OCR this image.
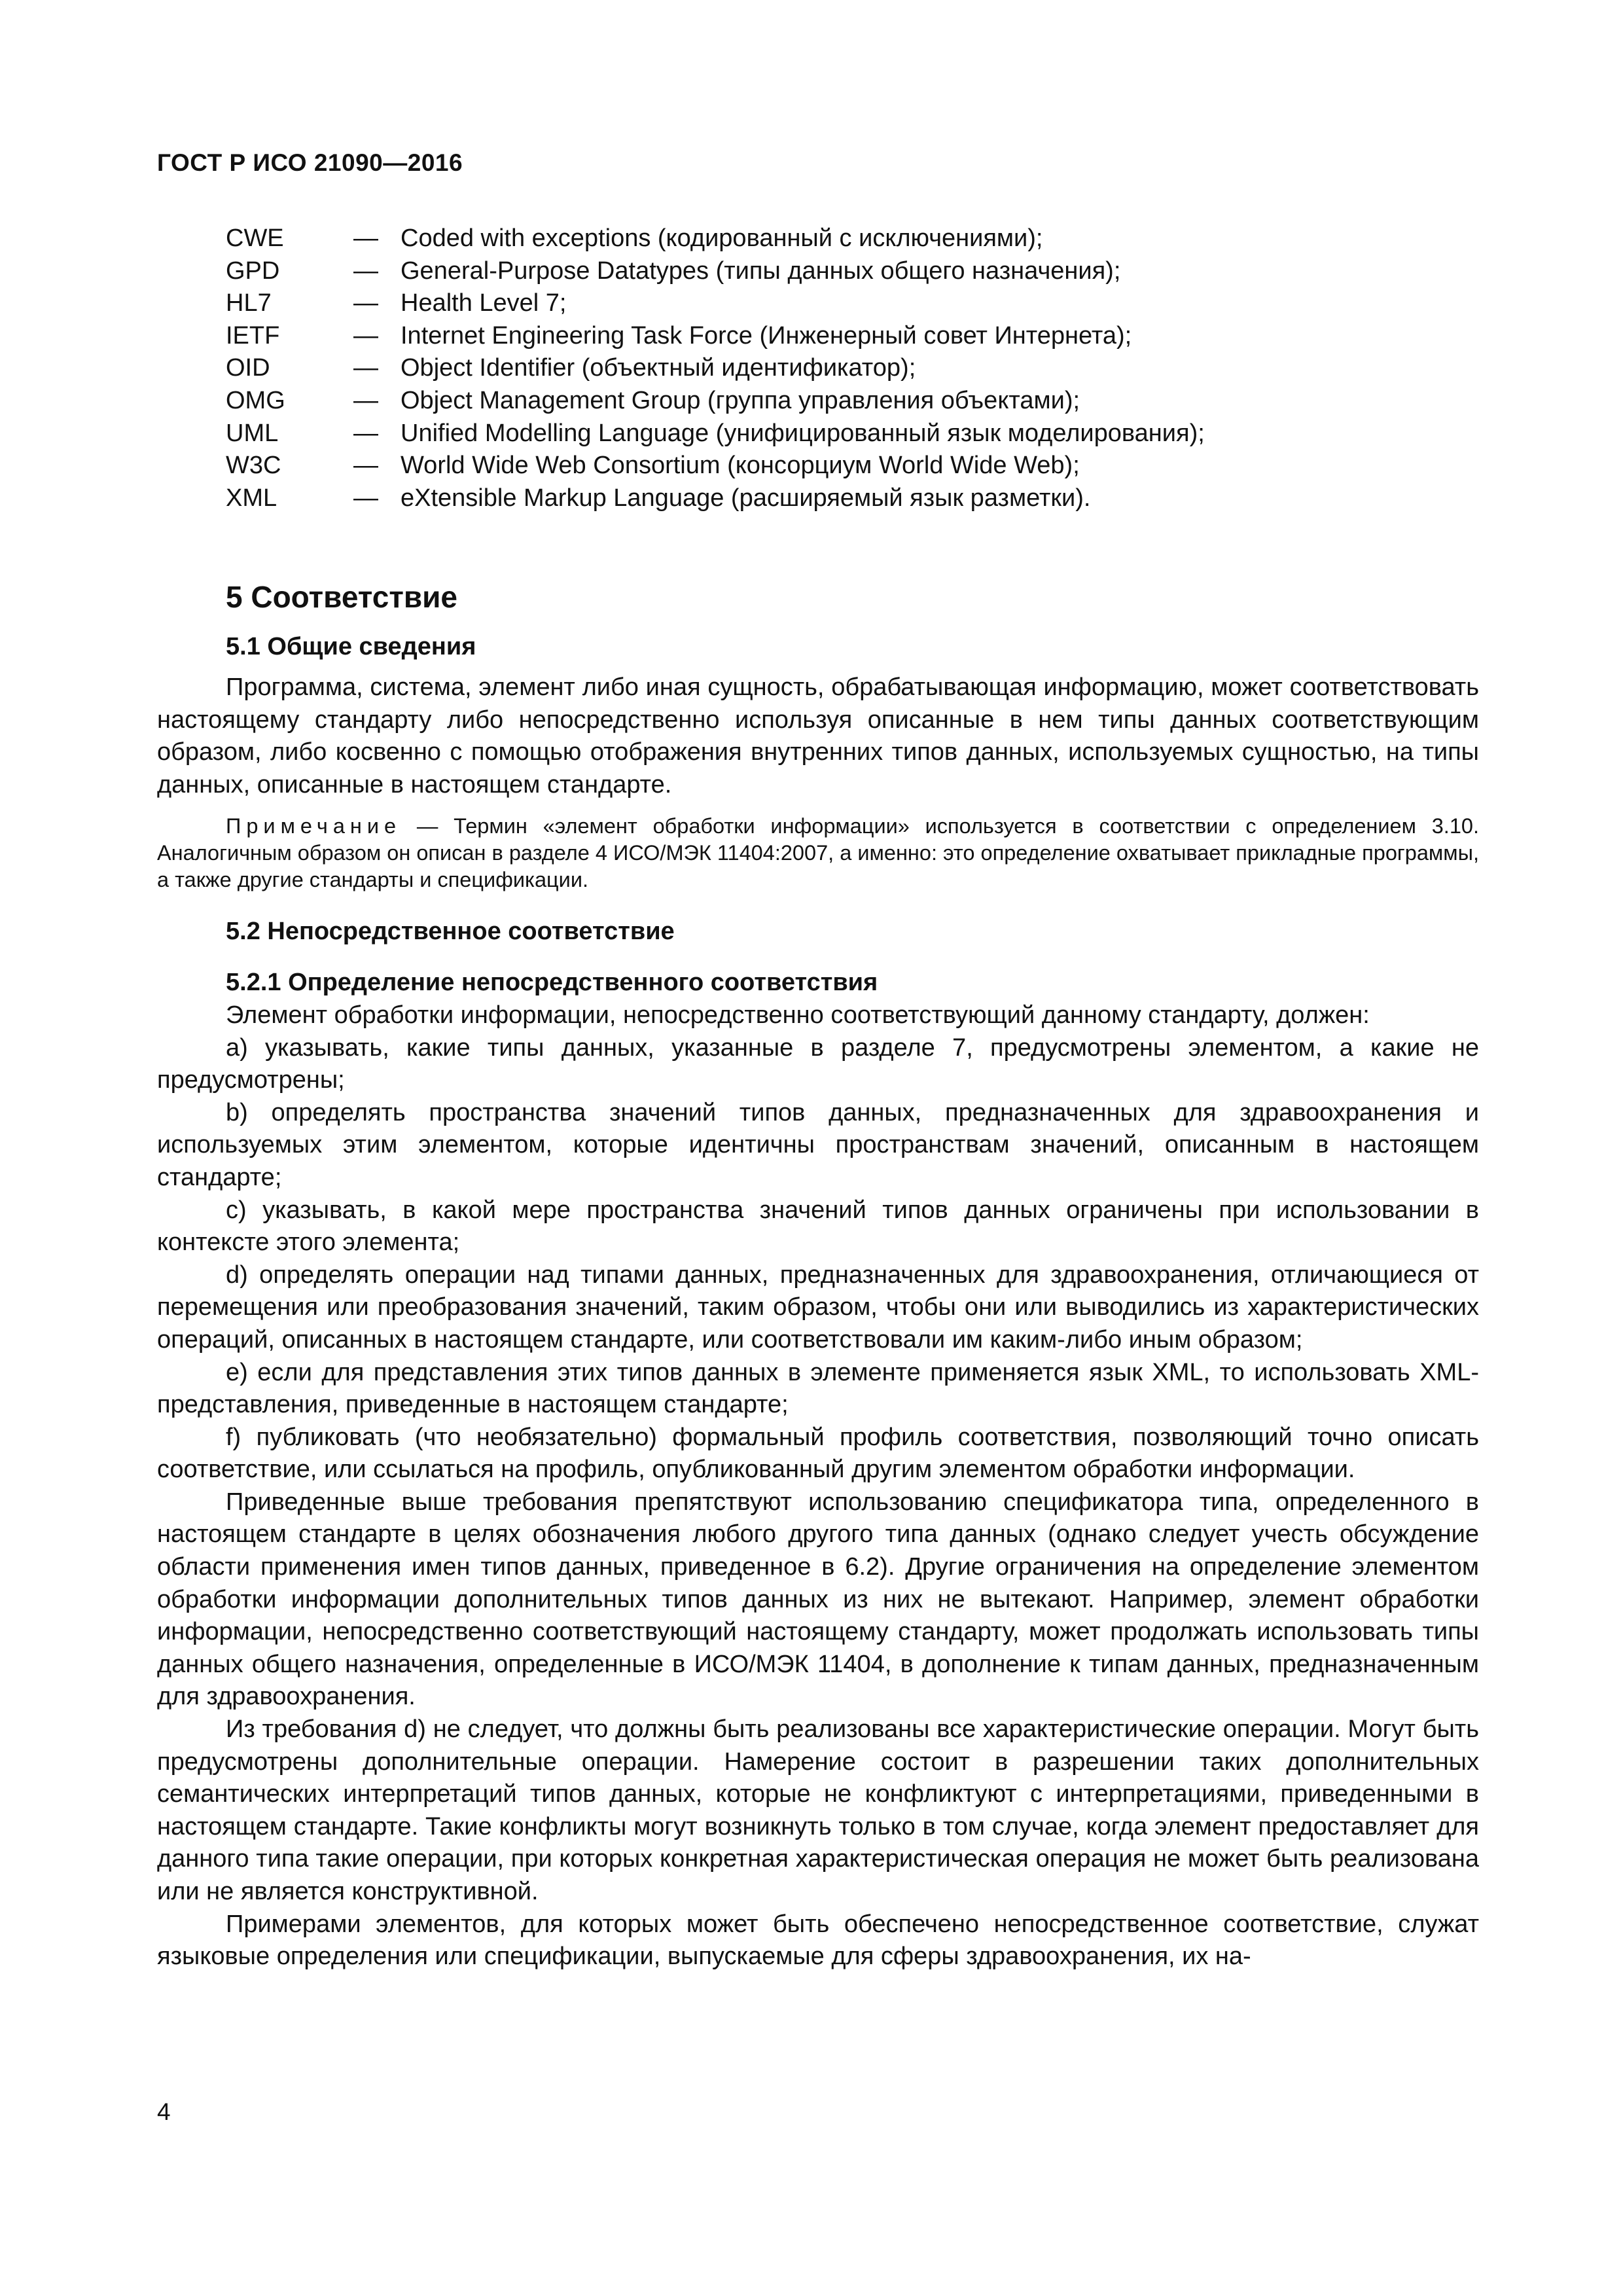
ГОСТ Р ИСО 21090—2016
CWE	— Coded with exceptions (кодированный с исключениями);
GPD	— General-Purpose Datatypes (типы данных общего назначения);
HL7	— Health Level 7;
IETF	— Internet Engineering Task Force (Инженерный совет Интернета);
OID	— Object Identifier (объектный идентификатор);
OMG	— Object Management Group (группа управления объектами);
UML	— Unified Modelling Language (унифицированный язык моделирования);
W3C	— World Wide Web Consortium (консорциум World Wide Web);
XML	— eXtensible Markup Language (расширяемый язык разметки).
5 Соответствие
5.1 Общие сведения

Программа, система, элемент либо иная сущность, обрабатывающая информацию, может соответствовать настоящему стандарту либо непосредственно используя описанные в нем типы данных соответствующим образом, либо косвенно с помощью отображения внутренних типов данных, используемых сущностью, на типы данных, описанные в настоящем стандарте.

Примечание — Термин «элемент обработки информации» используется в соответствии с определением 3.10. Аналогичным образом он описан в разделе 4 ИСО/МЭК 11404:2007, а именно: это определение охватывает прикладные программы, а также другие стандарты и спецификации.

5.2 Непосредственное соответствие
5.2.1 Определение непосредственного соответствия

Элемент обработки информации, непосредственно соответствующий данному стандарту, должен:

a) указывать, какие типы данных, указанные в разделе 7, предусмотрены элементом, а какие не предусмотрены;

b) определять пространства значений типов данных, предназначенных для здравоохранения и используемых этим элементом, которые идентичны пространствам значений, описанным в настоящем стандарте;

c) указывать, в какой мере пространства значений типов данных ограничены при использовании в контексте этого элемента;

d) определять операции над типами данных, предназначенных для здравоохранения, отличающиеся от перемещения или преобразования значений, таким образом, чтобы они или выводились из характеристических операций, описанных в настоящем стандарте, или соответствовали им каким-либо иным образом;

e) если для представления этих типов данных в элементе применяется язык XML, то использовать XML-представления, приведенные в настоящем стандарте;

f) публиковать (что необязательно) формальный профиль соответствия, позволяющий точно описать соответствие, или ссылаться на профиль, опубликованный другим элементом обработки информации.

Приведенные выше требования препятствуют использованию спецификатора типа, определенного в настоящем стандарте в целях обозначения любого другого типа данных (однако следует учесть обсуждение области применения имен типов данных, приведенное в 6.2). Другие ограничения на определение элементом обработки информации дополнительных типов данных из них не вытекают. Например, элемент обработки информации, непосредственно соответствующий настоящему стандарту, может продолжать использовать типы данных общего назначения, определенные в ИСО/МЭК 11404, в дополнение к типам данных, предназначенным для здравоохранения.

Из требования d) не следует, что должны быть реализованы все характеристические операции. Могут быть предусмотрены дополнительные операции. Намерение состоит в разрешении таких дополнительных семантических интерпретаций типов данных, которые не конфликтуют с интерпретациями, приведенными в настоящем стандарте. Такие конфликты могут возникнуть только в том случае, когда элемент предоставляет для данного типа такие операции, при которых конкретная характеристическая операция не может быть реализована или не является конструктивной.

Примерами элементов, для которых может быть обеспечено непосредственное соответствие, служат языковые определения или спецификации, выпускаемые для сферы здравоохранения, их на-

4
